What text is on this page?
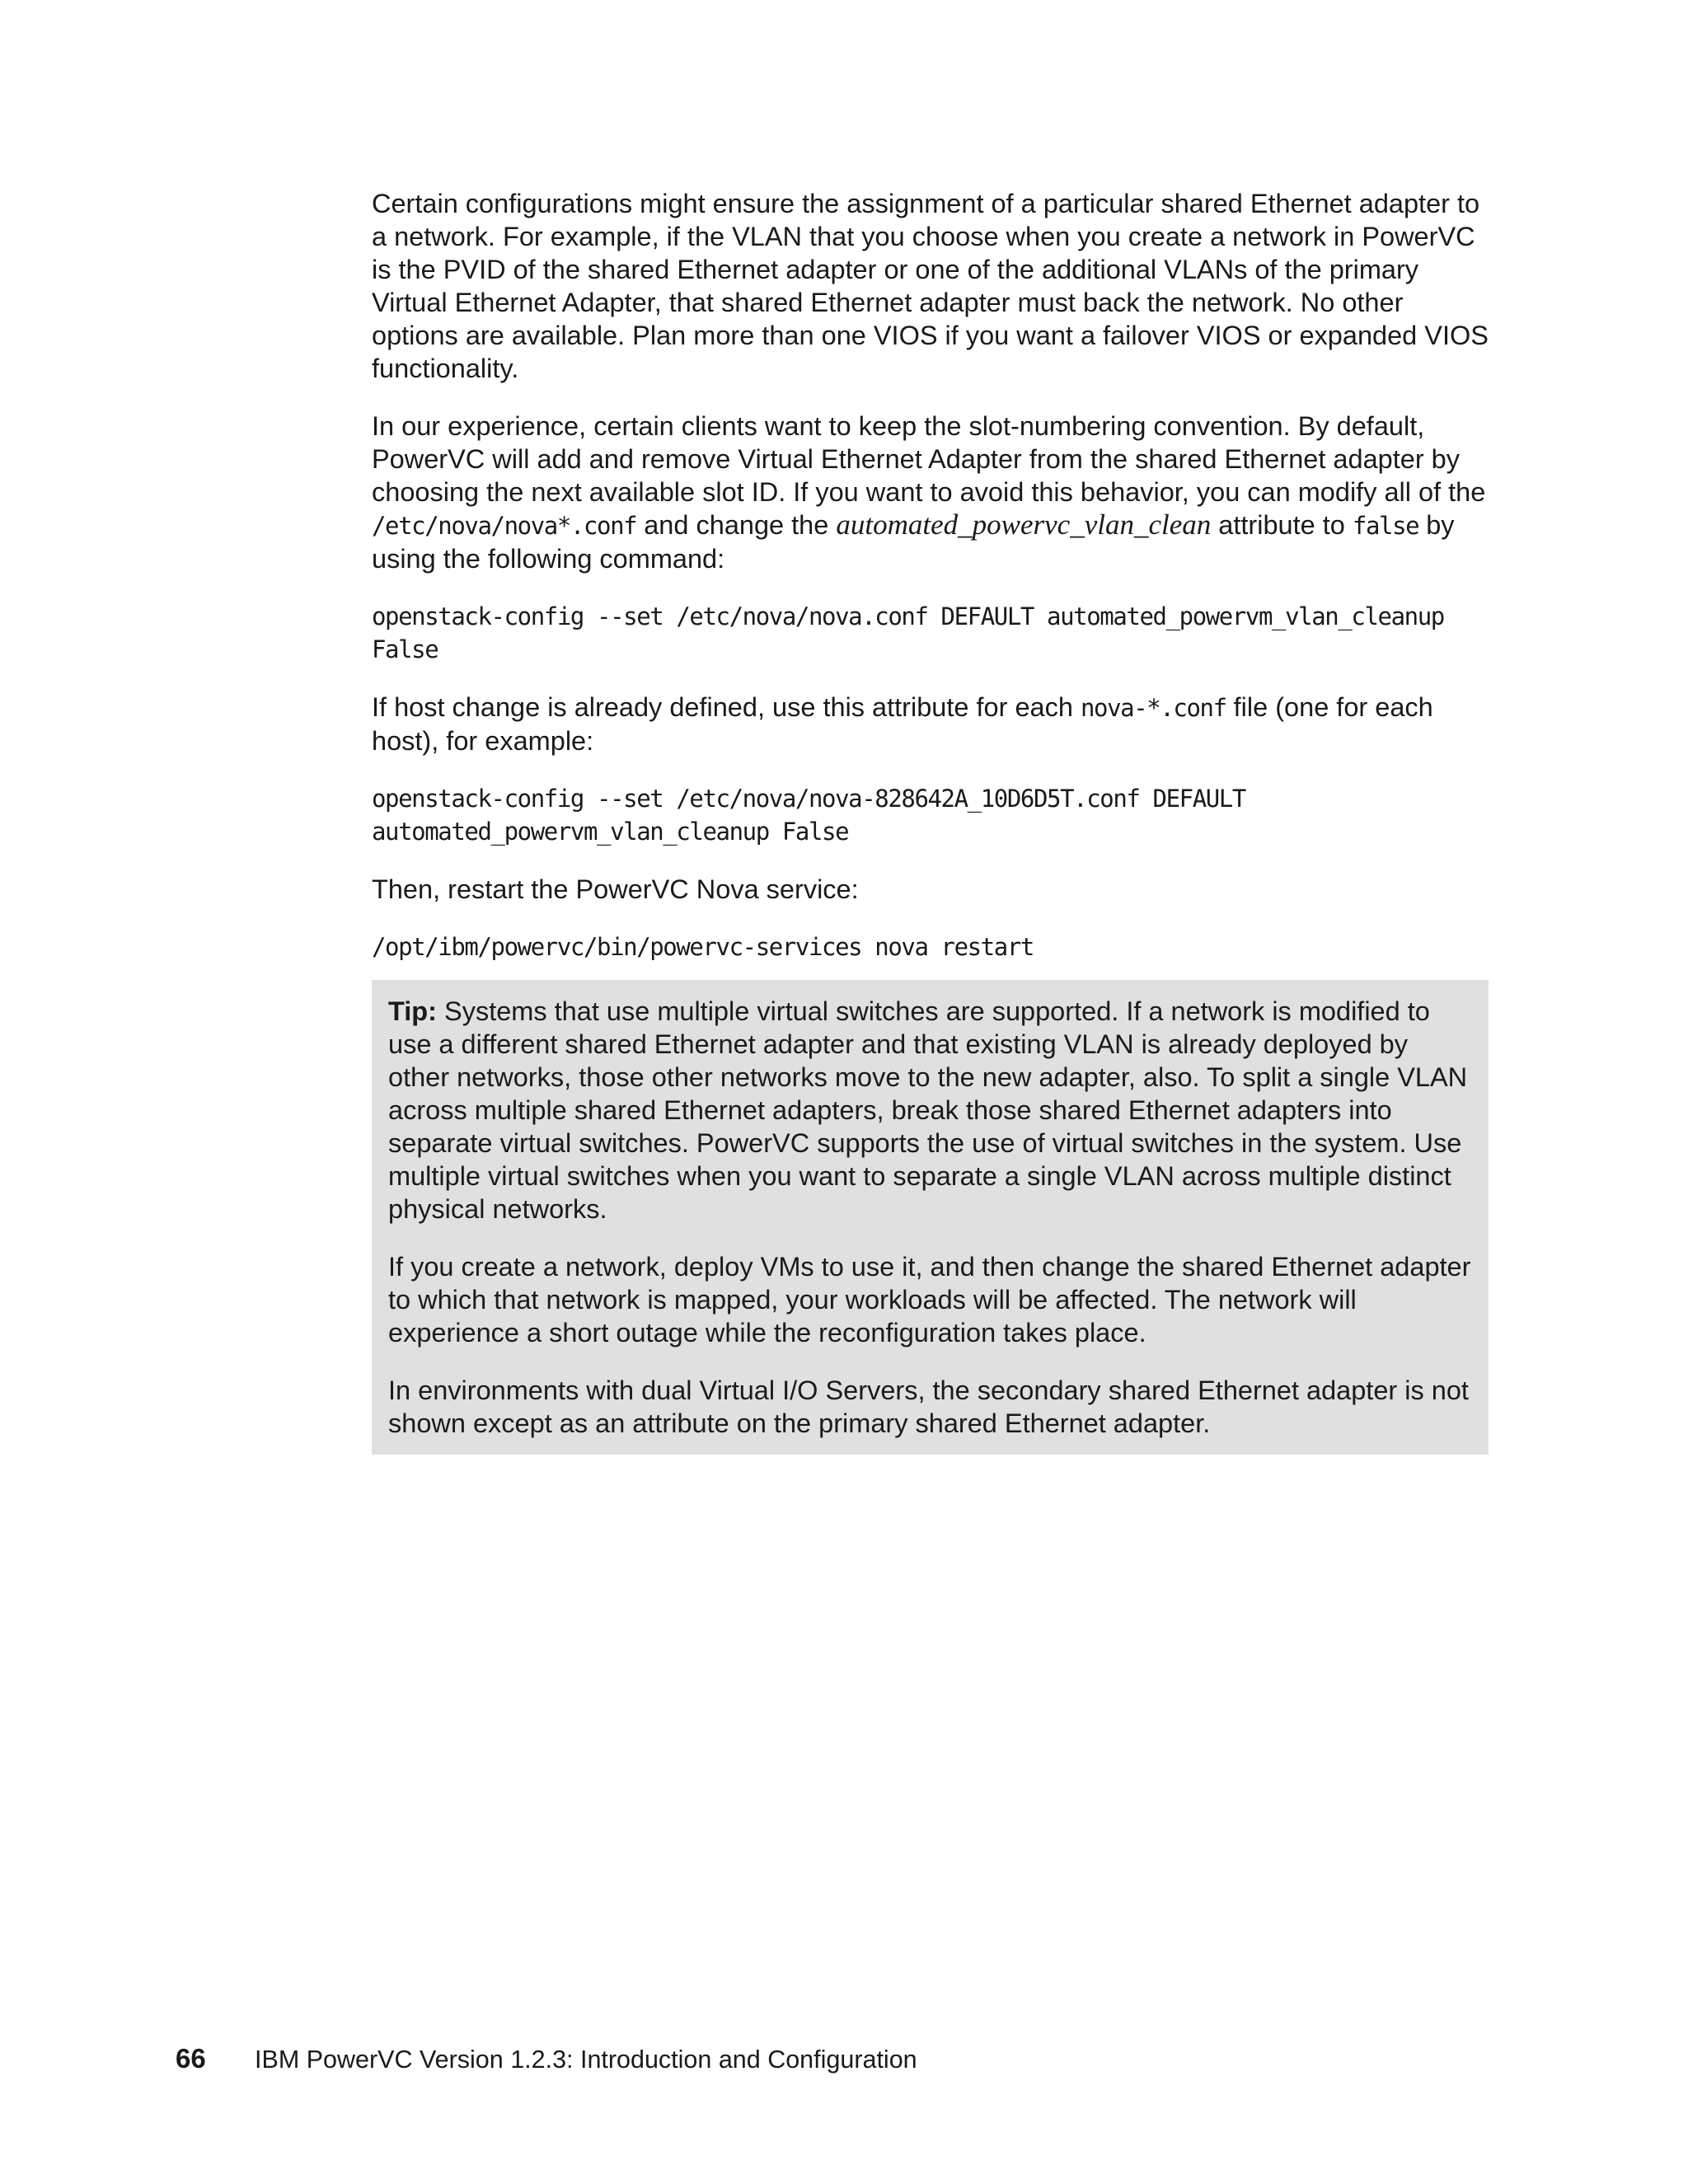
Certain configurations might ensure the assignment of a particular shared Ethernet adapter to a network. For example, if the VLAN that you choose when you create a network in PowerVC is the PVID of the shared Ethernet adapter or one of the additional VLANs of the primary Virtual Ethernet Adapter, that shared Ethernet adapter must back the network. No other options are available. Plan more than one VIOS if you want a failover VIOS or expanded VIOS functionality.

In our experience, certain clients want to keep the slot-numbering convention. By default, PowerVC will add and remove Virtual Ethernet Adapter from the shared Ethernet adapter by choosing the next available slot ID. If you want to avoid this behavior, you can modify all of the /etc/nova/nova*.conf and change the automated_powervc_vlan_clean attribute to false by using the following command:

openstack-config --set /etc/nova/nova.conf DEFAULT automated_powervm_vlan_cleanup
False

If host change is already defined, use this attribute for each nova-*.conf file (one for each host), for example:

openstack-config --set /etc/nova/nova-828642A_10D6D5T.conf DEFAULT
automated_powervm_vlan_cleanup False

Then, restart the PowerVC Nova service:

/opt/ibm/powervc/bin/powervc-services nova restart

Tip: Systems that use multiple virtual switches are supported. If a network is modified to use a different shared Ethernet adapter and that existing VLAN is already deployed by other networks, those other networks move to the new adapter, also. To split a single VLAN across multiple shared Ethernet adapters, break those shared Ethernet adapters into separate virtual switches. PowerVC supports the use of virtual switches in the system. Use multiple virtual switches when you want to separate a single VLAN across multiple distinct physical networks.

If you create a network, deploy VMs to use it, and then change the shared Ethernet adapter to which that network is mapped, your workloads will be affected. The network will experience a short outage while the reconfiguration takes place.

In environments with dual Virtual I/O Servers, the secondary shared Ethernet adapter is not shown except as an attribute on the primary shared Ethernet adapter.

66 IBM PowerVC Version 1.2.3: Introduction and Configuration
